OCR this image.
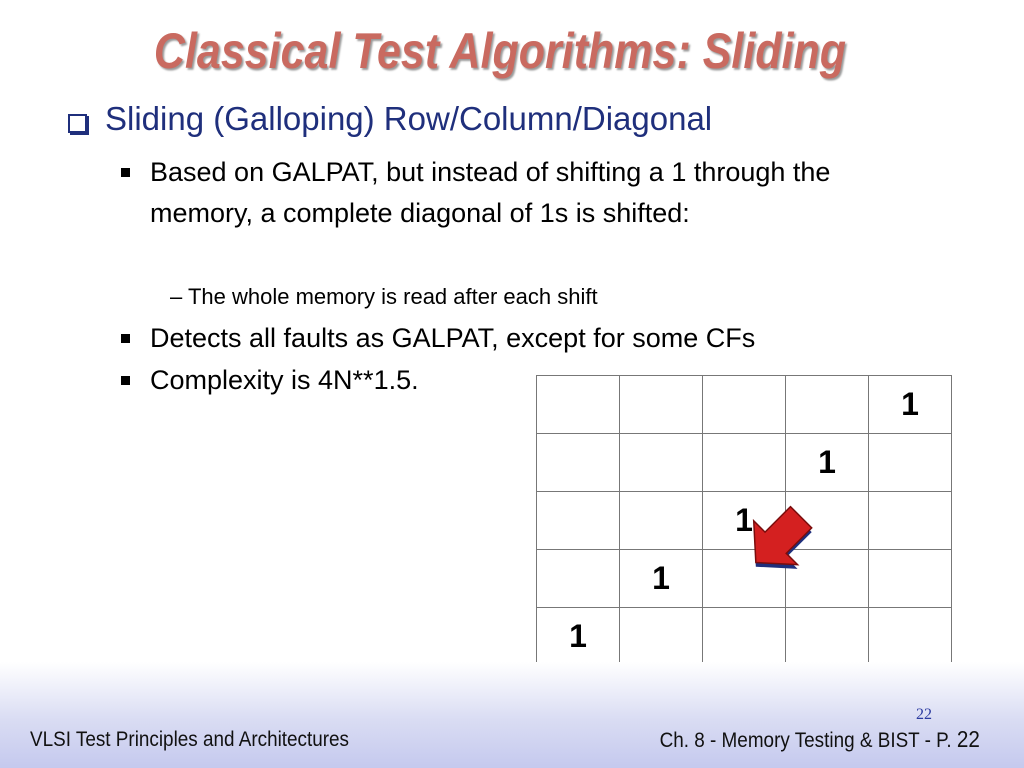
Classical Test Algorithms: Sliding
Sliding (Galloping) Row/Column/Diagonal
Based on GALPAT, but instead of shifting a 1 through the memory, a complete diagonal of 1s is shifted:
– The whole memory is read after each shift
Detects all faults as GALPAT, except for some CFs
Complexity is 4N**1.5.
				1
			1	
		1		
	1			
1				
22
VLSI Test Principles and Architectures	Ch. 8 - Memory Testing & BIST - P. 22
